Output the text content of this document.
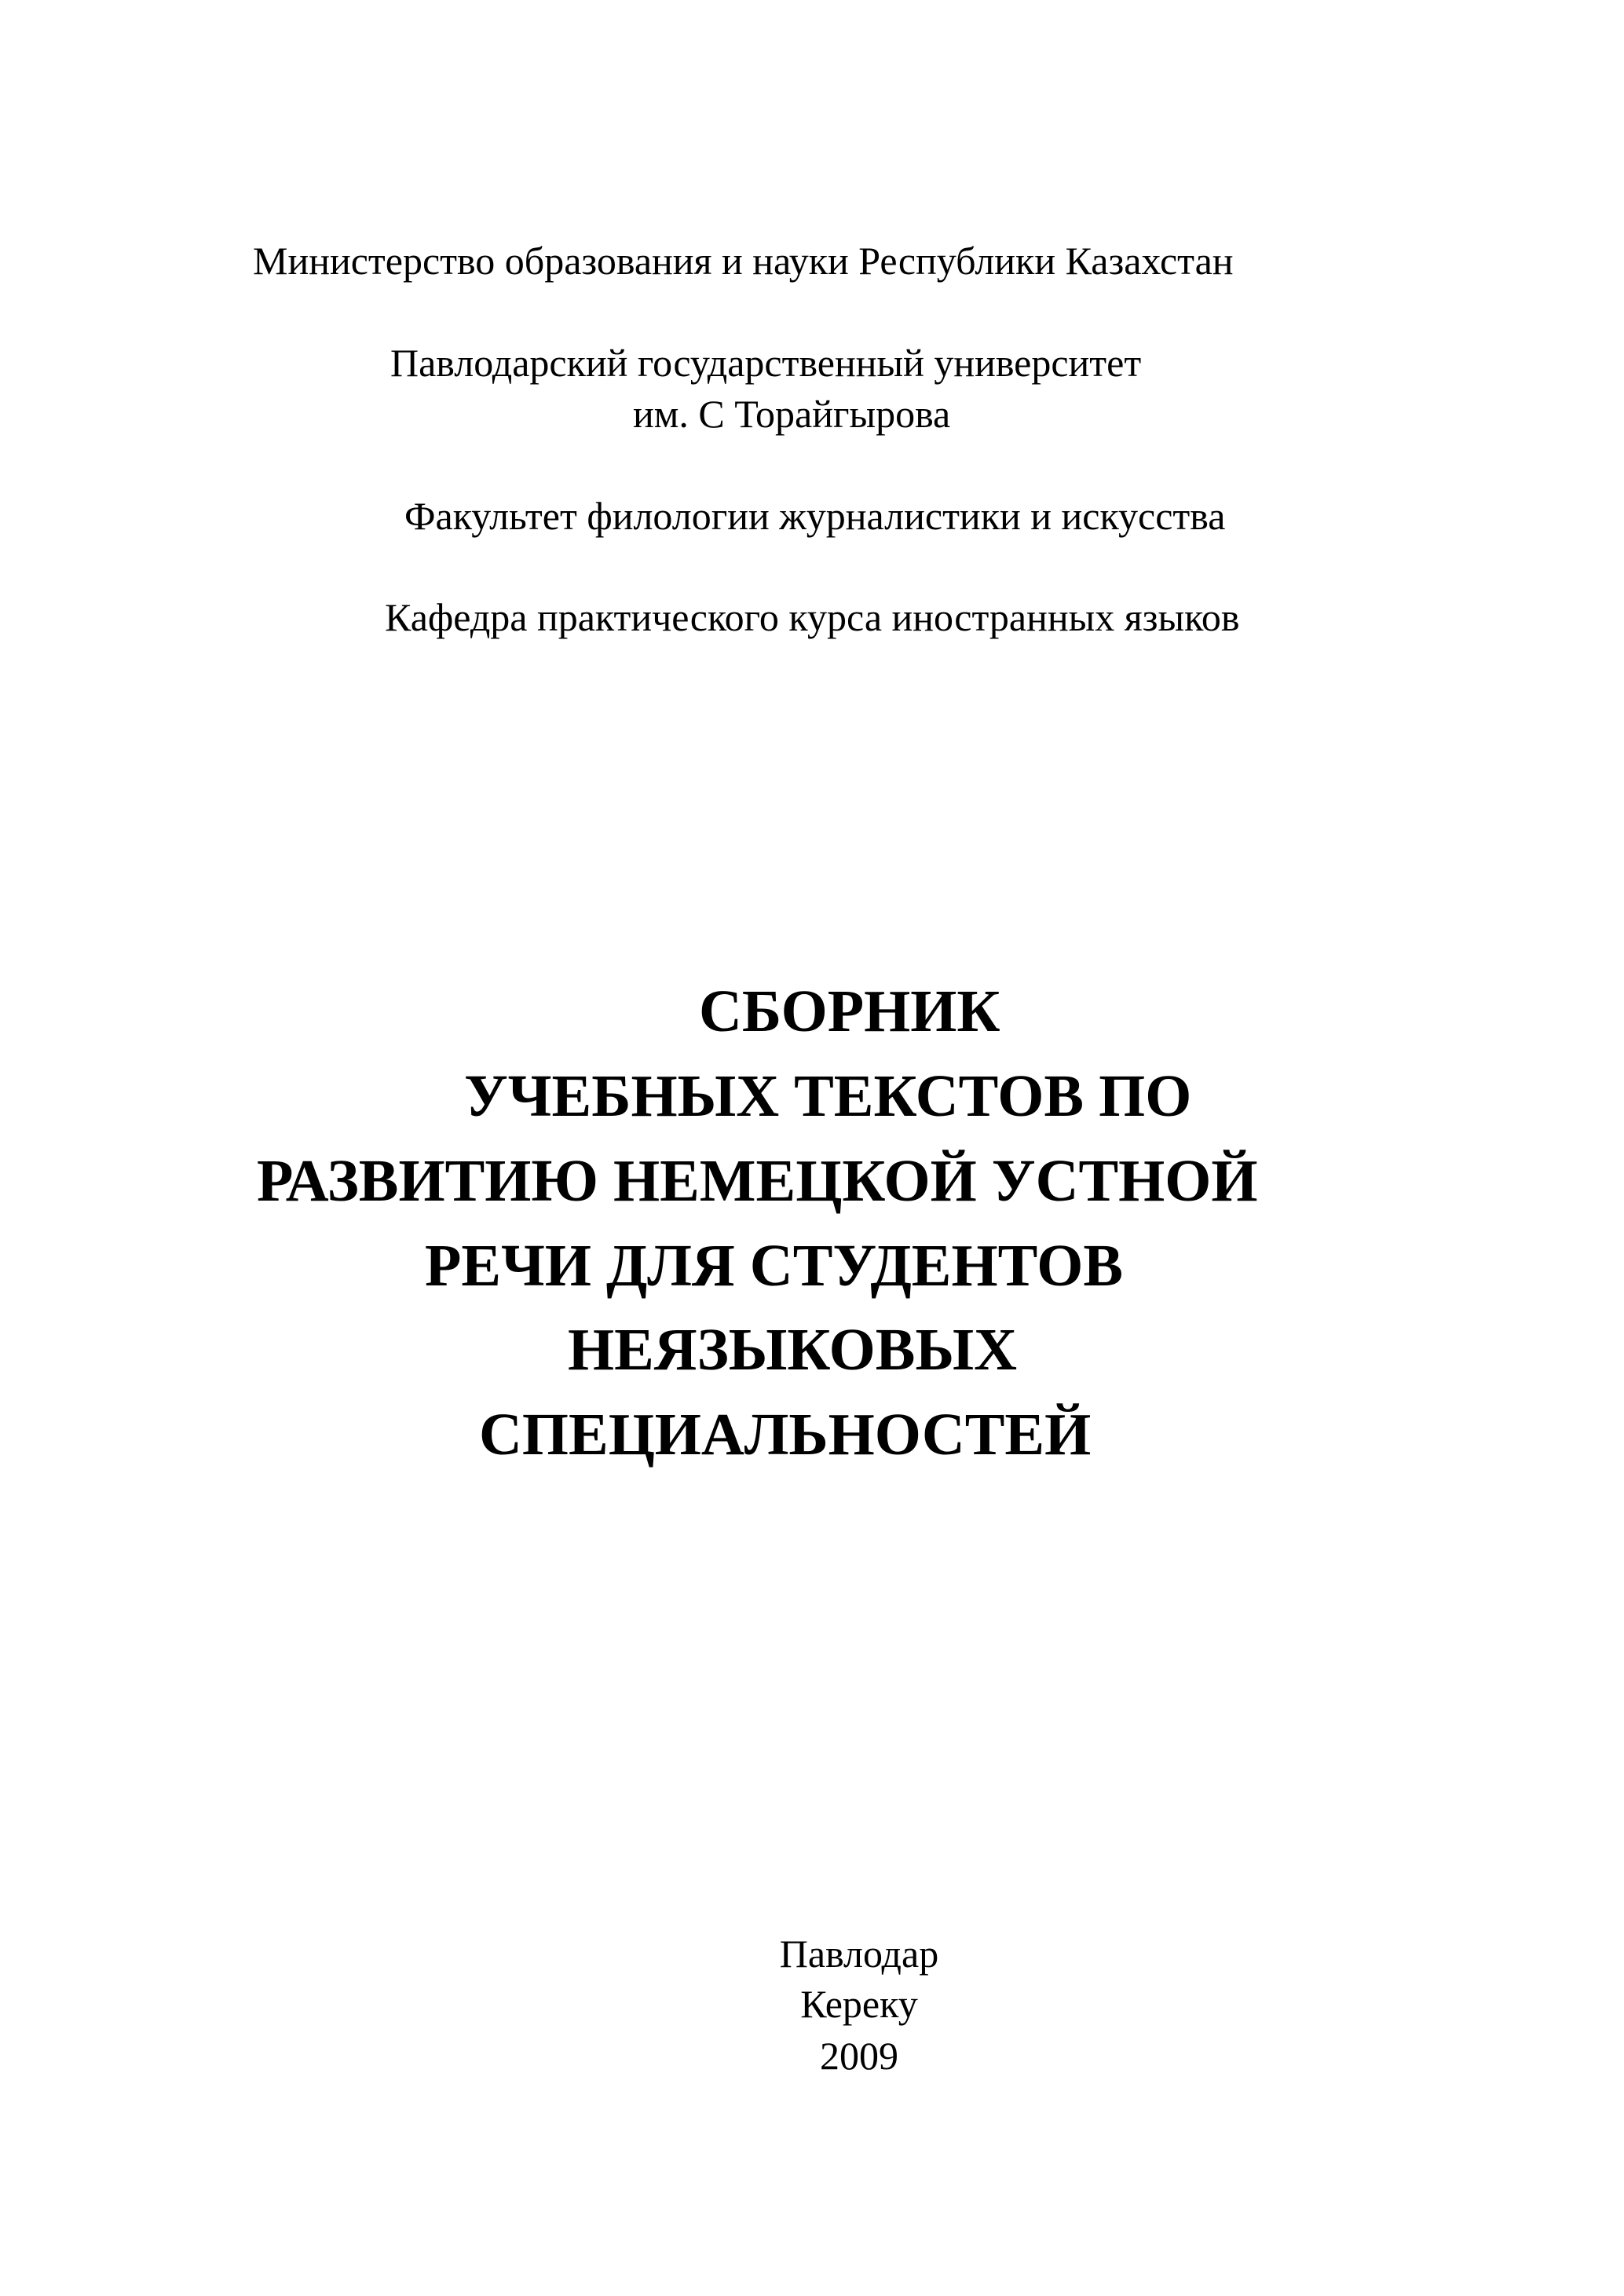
Министерство образования и науки Республики Казахстан
Павлодарский государственный университет
им. С Торайгырова
Факультет филологии журналистики и искусства
Кафедра практического курса иностранных языков
СБОРНИК
УЧЕБНЫХ ТЕКСТОВ ПО
РАЗВИТИЮ НЕМЕЦКОЙ УСТНОЙ
РЕЧИ ДЛЯ СТУДЕНТОВ
НЕЯЗЫКОВЫХ
СПЕЦИАЛЬНОСТЕЙ
Павлодар
Кереку
2009
